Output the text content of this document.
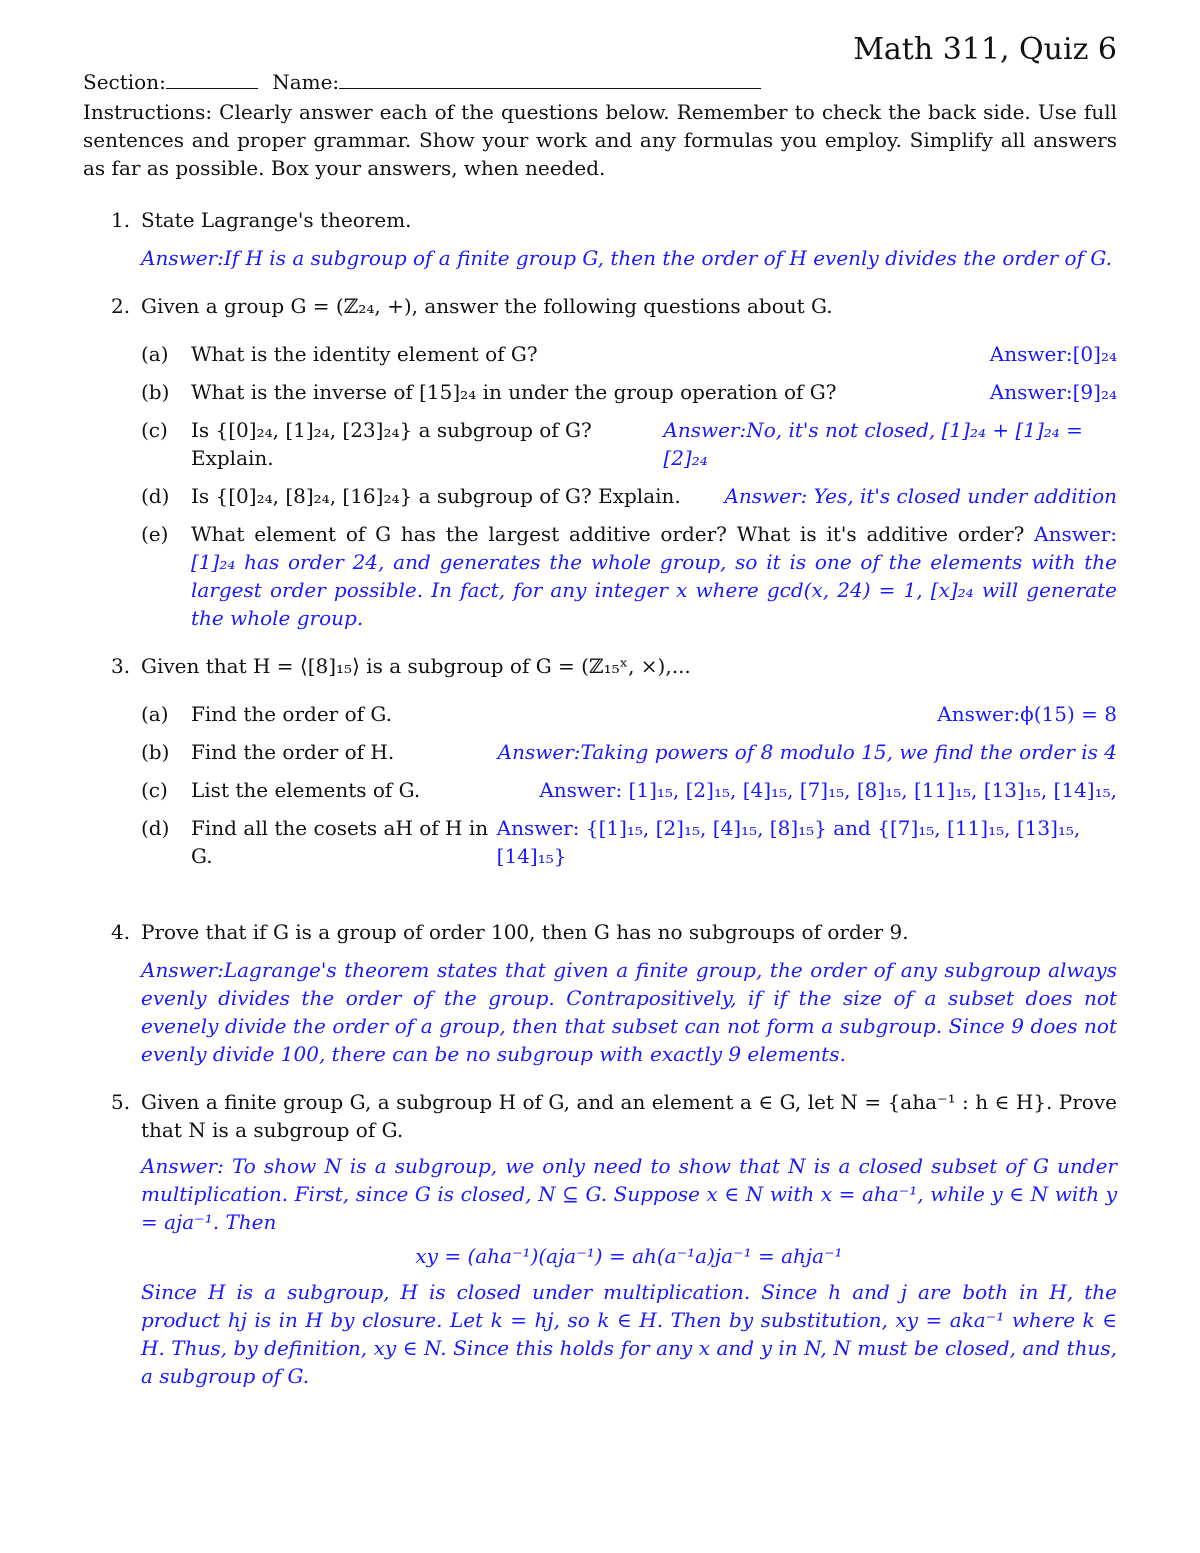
Math 311, Quiz 6
Section:	Name:

Instructions: Clearly answer each of the questions below. Remember to check the back side. Use full sentences and proper grammar. Show your work and any formulas you employ. Simplify all answers as far as possible. Box your answers, when needed.

1. State Lagrange's theorem.
Answer:If H is a subgroup of a finite group G, then the order of H evenly divides the order of G.
2. Given a group G = (ℤ₂₄, +), answer the following questions about G.
(a) What is the identity element of G?	Answer:[0]₂₄
(b) What is the inverse of [15]₂₄ in under the group operation of G?	Answer:[9]₂₄
(c) Is {[0]₂₄, [1]₂₄, [23]₂₄} a subgroup of G? Explain.
Answer:No, it's not closed, [1]₂₄ + [1]₂₄ = [2]₂₄
(d) Is {[0]₂₄, [8]₂₄, [16]₂₄} a subgroup of G? Explain. Answer: Yes, it's closed under addition
(e) What element of G has the largest additive order? What is it's additive order? Answer: [1]₂₄ has order 24, and generates the whole group, so it is one of the elements with the largest order possible. In fact, for any integer x where gcd(x, 24) = 1, [x]₂₄ will generate the whole group.
3. Given that H = ⟨[8]₁₅⟩ is a subgroup of G = (ℤ₁₅ˣ, ×),...
(a) Find the order of G.	Answer:ϕ(15) = 8
(b) Find the order of H.	Answer:Taking powers of 8 modulo 15, we find the order is 4
(c) List the elements of G.	Answer: [1]₁₅, [2]₁₅, [4]₁₅, [7]₁₅, [8]₁₅, [11]₁₅, [13]₁₅, [14]₁₅,
(d) Find all the cosets aH of H in G.
Answer: {[1]₁₅, [2]₁₅, [4]₁₅, [8]₁₅} and {[7]₁₅, [11]₁₅, [13]₁₅, [14]₁₅}
4. Prove that if G is a group of order 100, then G has no subgroups of order 9.
Answer:Lagrange's theorem states that given a finite group, the order of any subgroup always evenly divides the order of the group. Contrapositively, if if the size of a subset does not evenely divide the order of a group, then that subset can not form a subgroup. Since 9 does not evenly divide 100, there can be no subgroup with exactly 9 elements.
5. Given a finite group G, a subgroup H of G, and an element a ∈ G, let N = {aha⁻¹ : h ∈ H}. Prove that N is a subgroup of G.
Answer: To show N is a subgroup, we only need to show that N is a closed subset of G under multiplication. First, since G is closed, N ⊆ G. Suppose x ∈ N with x = aha⁻¹, while y ∈ N with y = aja⁻¹. Then
xy = (aha⁻¹)(aja⁻¹) = ah(a⁻¹a)ja⁻¹ = ahja⁻¹
Since H is a subgroup, H is closed under multiplication. Since h and j are both in H, the product hj is in H by closure. Let k = hj, so k ∈ H. Then by substitution, xy = aka⁻¹ where k ∈ H. Thus, by definition, xy ∈ N. Since this holds for any x and y in N, N must be closed, and thus, a subgroup of G.
